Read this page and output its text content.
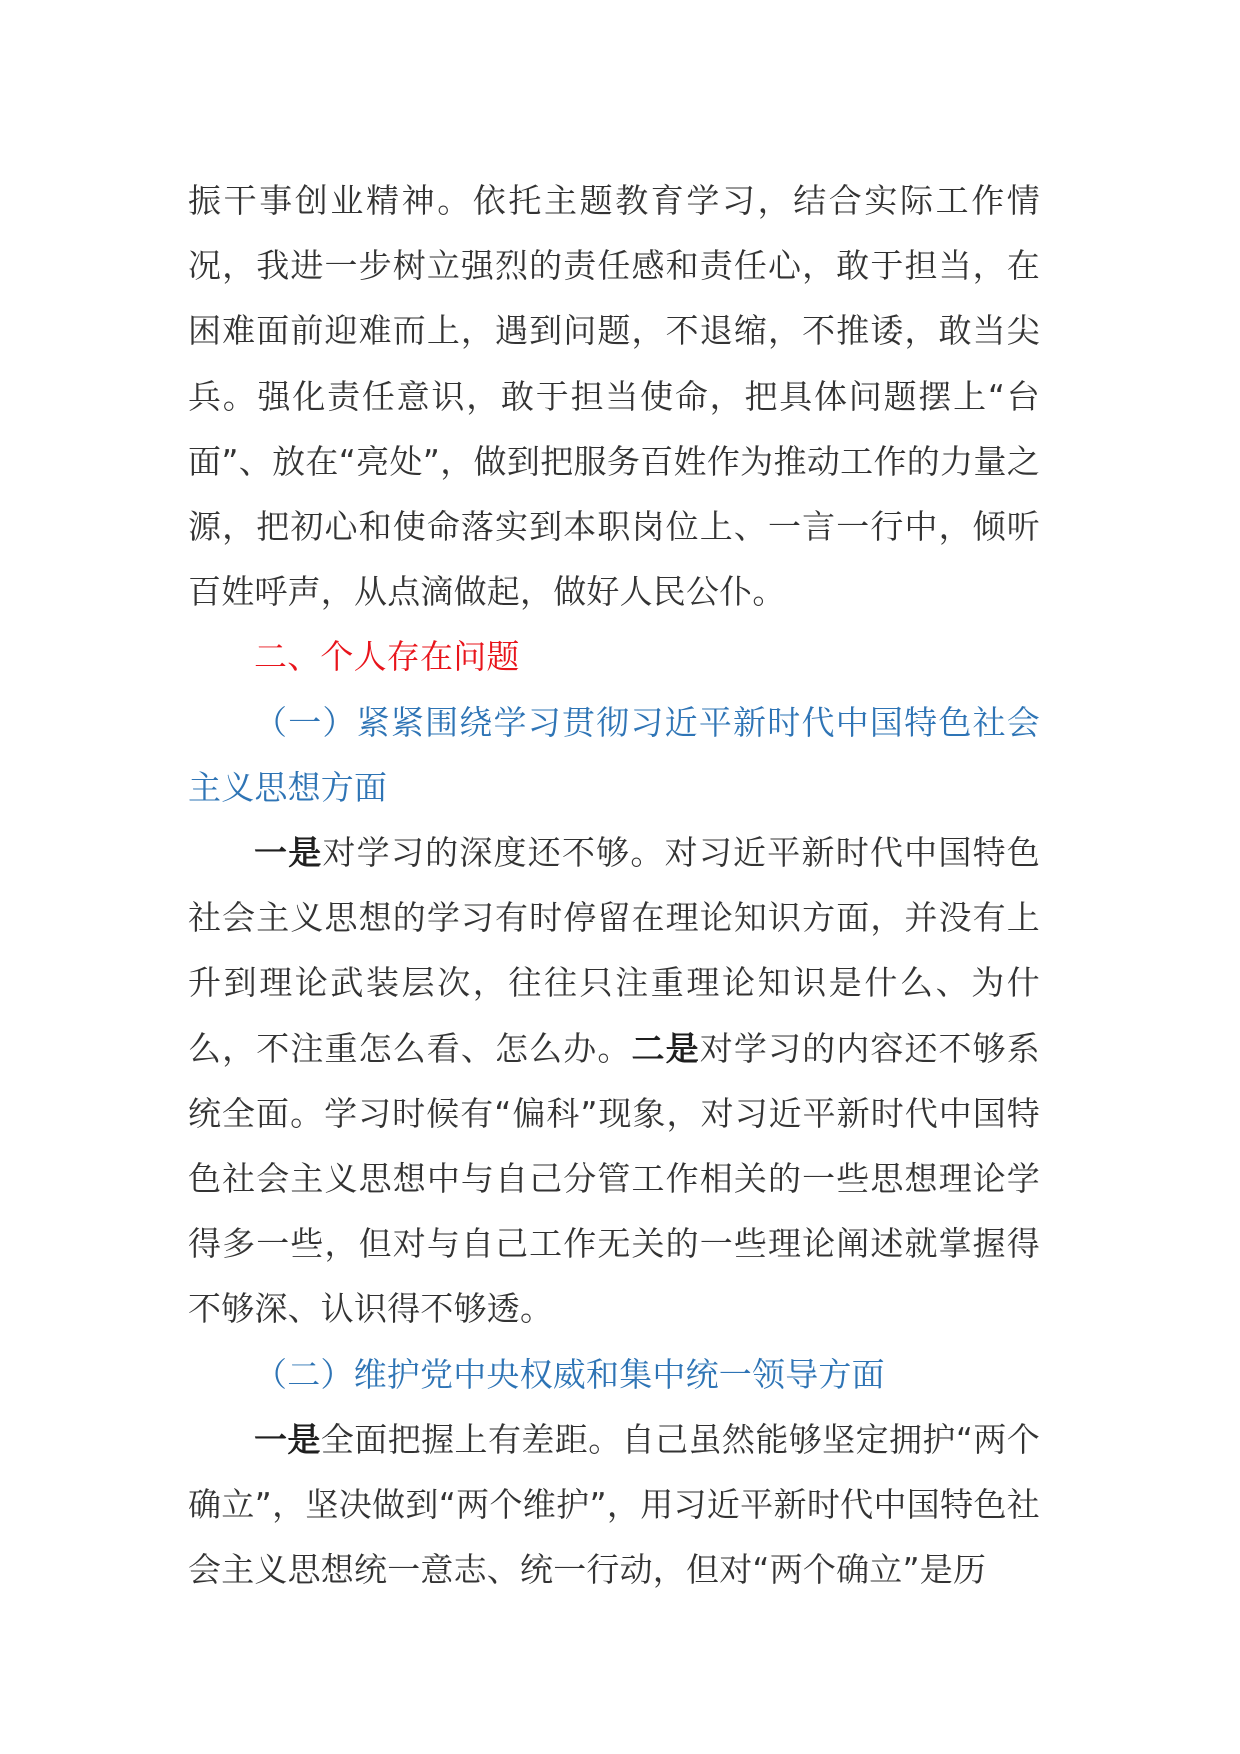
振干事创业精神。依托主题教育学习，结合实际工作情况，我进一步树立强烈的责任感和责任心，敢于担当，在困难面前迎难而上，遇到问题，不退缩，不推诿，敢当尖兵。强化责任意识，敢于担当使命，把具体问题摆上“台面”、放在“亮处”，做到把服务百姓作为推动工作的力量之源，把初心和使命落实到本职岗位上、一言一行中，倾听百姓呼声，从点滴做起，做好人民公仆。

二、个人存在问题

（一）紧紧围绕学习贯彻习近平新时代中国特色社会主义思想方面

一是对学习的深度还不够。对习近平新时代中国特色社会主义思想的学习有时停留在理论知识方面，并没有上升到理论武装层次，往往只注重理论知识是什么、为什么，不注重怎么看、怎么办。二是对学习的内容还不够系统全面。学习时候有“偏科”现象，对习近平新时代中国特色社会主义思想中与自己分管工作相关的一些思想理论学得多一些，但对与自己工作无关的一些理论阐述就掌握得不够深、认识得不够透。

（二）维护党中央权威和集中统一领导方面

一是全面把握上有差距。自己虽然能够坚定拥护“两个确立”，坚决做到“两个维护”，用习近平新时代中国特色社会主义思想统一意志、统一行动，但对“两个确立”是历
